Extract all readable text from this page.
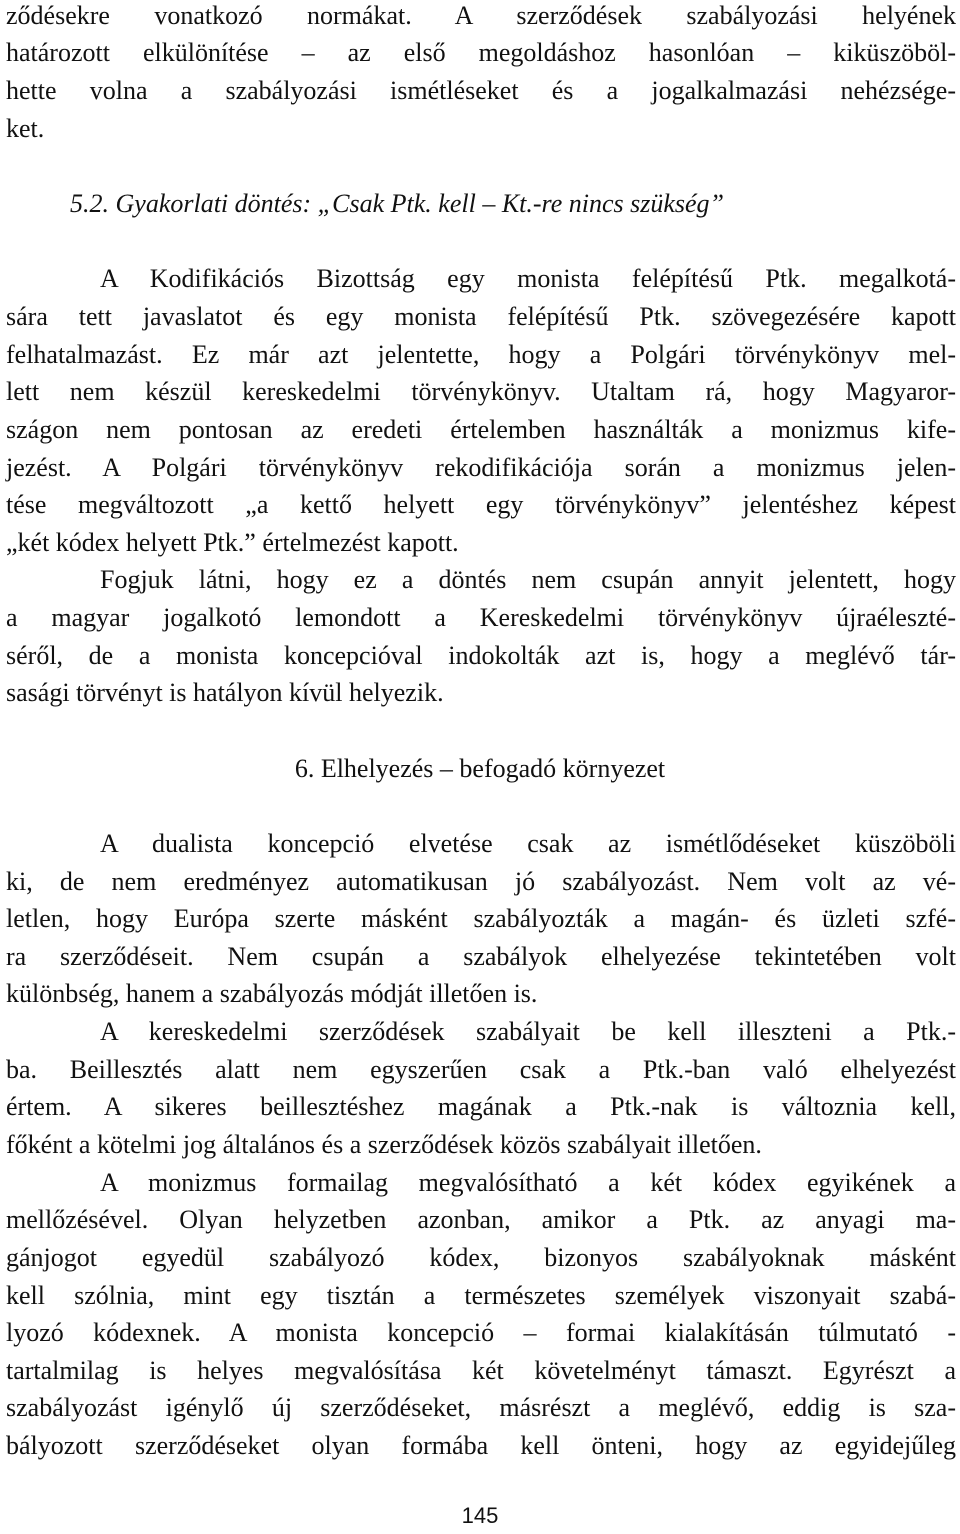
ződésekre vonatkozó normákat. A szerződések szabályozási helyének
határozott elkülönítése – az első megoldáshoz hasonlóan – kiküszöböl-
hette volna a szabályozási ismétléseket és a jogalkalmazási nehézsége-
ket.
5.2. Gyakorlati döntés: „Csak Ptk. kell – Kt.-re nincs szükség”
A Kodifikációs Bizottság egy monista felépítésű Ptk. megalkotá-
sára tett javaslatot és egy monista felépítésű Ptk. szövegezésére kapott
felhatalmazást. Ez már azt jelentette, hogy a Polgári törvénykönyv mel-
lett nem készül kereskedelmi törvénykönyv. Utaltam rá, hogy Magyaror-
szágon nem pontosan az eredeti értelemben használták a monizmus kife-
jezést. A Polgári törvénykönyv rekodifikációja során a monizmus jelen-
tése megváltozott „a kettő helyett egy törvénykönyv” jelentéshez képest
„két kódex helyett Ptk.” értelmezést kapott.
Fogjuk látni, hogy ez a döntés nem csupán annyit jelentett, hogy
a magyar jogalkotó lemondott a Kereskedelmi törvénykönyv újraéleszté-
séről, de a monista koncepcióval indokolták azt is, hogy a meglévő tár-
sasági törvényt is hatályon kívül helyezik.
6. Elhelyezés – befogadó környezet
A dualista koncepció elvetése csak az ismétlődéseket küszöböli
ki, de nem eredményez automatikusan jó szabályozást. Nem volt az vé-
letlen, hogy Európa szerte másként szabályozták a magán- és üzleti szfé-
ra szerződéseit. Nem csupán a szabályok elhelyezése tekintetében volt
különbség, hanem a szabályozás módját illetően is.
A kereskedelmi szerződések szabályait be kell illeszteni a Ptk.-
ba. Beillesztés alatt nem egyszerűen csak a Ptk.-ban való elhelyezést
értem. A sikeres beillesztéshez magának a Ptk.-nak is változnia kell,
főként a kötelmi jog általános és a szerződések közös szabályait illetően.
A monizmus formailag megvalósítható a két kódex egyikének a
mellőzésével. Olyan helyzetben azonban, amikor a Ptk. az anyagi ma-
gánjogot egyedül szabályozó kódex, bizonyos szabályoknak másként
kell szólnia, mint egy tisztán a természetes személyek viszonyait szabá-
lyozó kódexnek. A monista koncepció – formai kialakításán túlmutató -
tartalmilag is helyes megvalósítása két követelményt támaszt. Egyrészt a
szabályozást igénylő új szerződéseket, másrészt a meglévő, eddig is sza-
bályozott szerződéseket olyan formába kell önteni, hogy az egyidejűleg
145
